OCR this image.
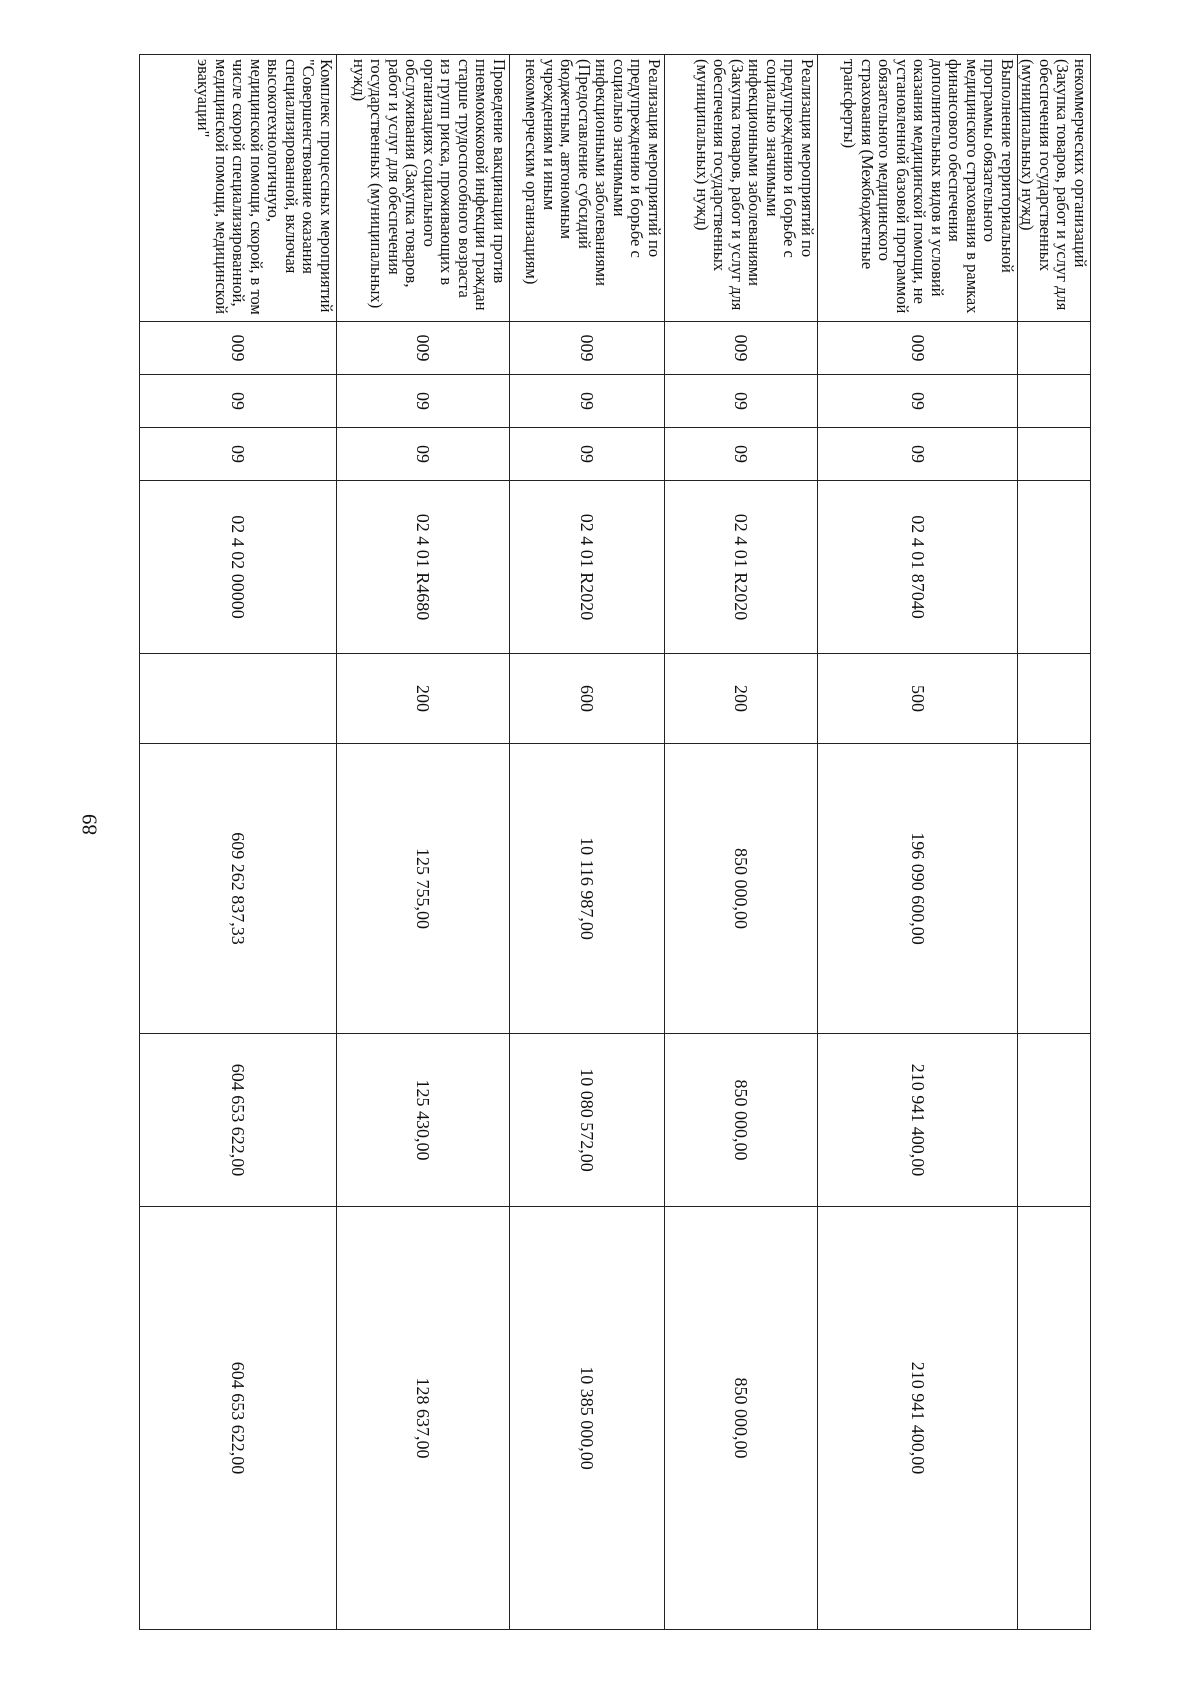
89
некоммерческих организаций (Закупка товаров, работ и услуг для обеспечения государственных (муниципальных) нужд)								
Выполнение территориальной программы обязательного медицинского страхования в рамках финансового обеспечения дополнительных видов и условий оказания медицинской помощи, не установленной базовой программой обязательного медицинского страхования (Межбюджетные трансферты)	009	09	09	02 4 01 87040	500	196 090 600,00	210 941 400,00	210 941 400,00
Реализация мероприятий по предупреждению и борьбе с социально значимыми инфекционными заболеваниями (Закупка товаров, работ и услуг для обеспечения государственных (муниципальных) нужд)	009	09	09	02 4 01 R2020	200	850 000,00	850 000,00	850 000,00
Реализация мероприятий по предупреждению и борьбе с социально значимыми инфекционными заболеваниями (Предоставление субсидий бюджетным, автономным учреждениям и иным некоммерческим организациям)	009	09	09	02 4 01 R2020	600	10 116 987,00	10 080 572,00	10 385 000,00
Проведение вакцинации против пневмококковой инфекции граждан старше трудоспособного возраста из групп риска, проживающих в организациях социального обслуживания (Закупка товаров, работ и услуг для обеспечения государственных (муниципальных) нужд)	009	09	09	02 4 01 R4680	200	125 755,00	125 430,00	128 637,00
Комплекс процессных мероприятий "Совершенствование оказания специализированной, включая высокотехнологичную, медицинской помощи, скорой, в том числе скорой специализированной, медицинской помощи, медицинской эвакуации"	009	09	09	02 4 02 00000		609 262 837,33	604 653 622,00	604 653 622,00
